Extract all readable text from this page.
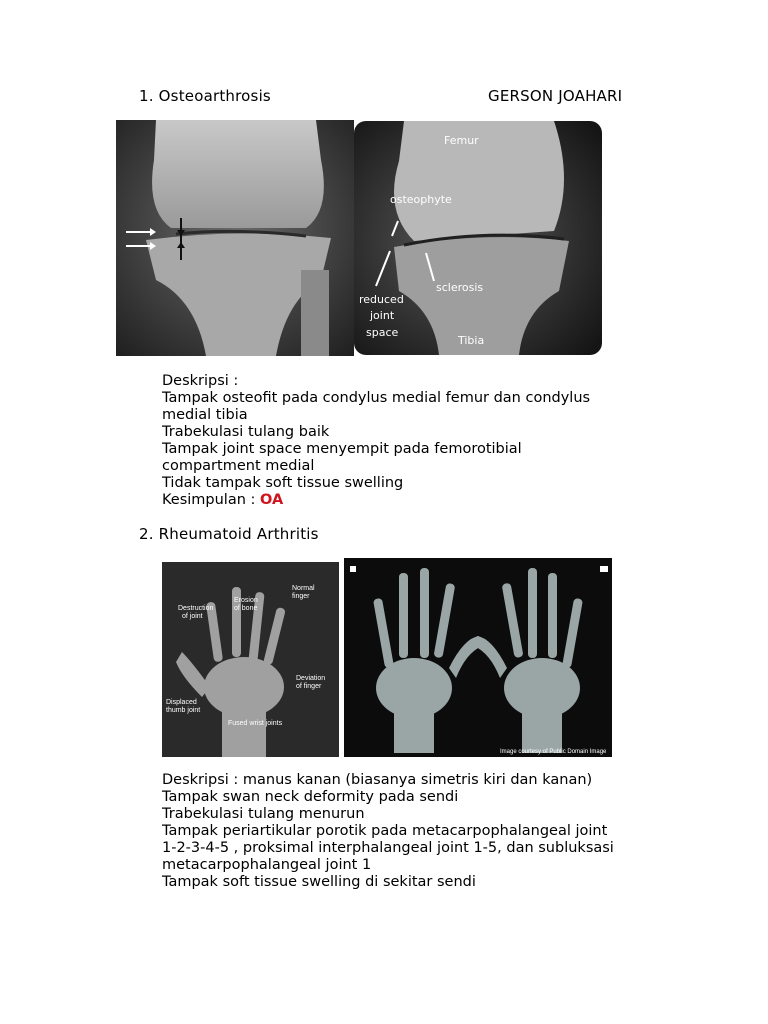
1. Osteoarthrosis	GERSON JOAHARI
Femur
osteophyte
sclerosis
reduced
joint
space
Tibia
Deskripsi :
Tampak osteofit pada condylus medial femur dan condylus
medial tibia
Trabekulasi tulang baik
Tampak joint space menyempit pada femorotibial
compartment medial
Tidak tampak soft tissue swelling
Kesimpulan : OA
2. Rheumatoid Arthritis
Normal
finger
Erosion
of bone
Destruction
of joint
Deviation
of finger
Displaced
thumb joint
Fused wrist joints
Image courtesy of Public Domain Image
Deskripsi : manus kanan (biasanya simetris kiri dan kanan)
Tampak swan neck deformity pada sendi
Trabekulasi tulang menurun
Tampak periartikular porotik pada metacarpophalangeal joint
1-2-3-4-5 , proksimal interphalangeal joint 1-5, dan subluksasi
metacarpophalangeal joint 1
Tampak soft tissue swelling di sekitar sendi
